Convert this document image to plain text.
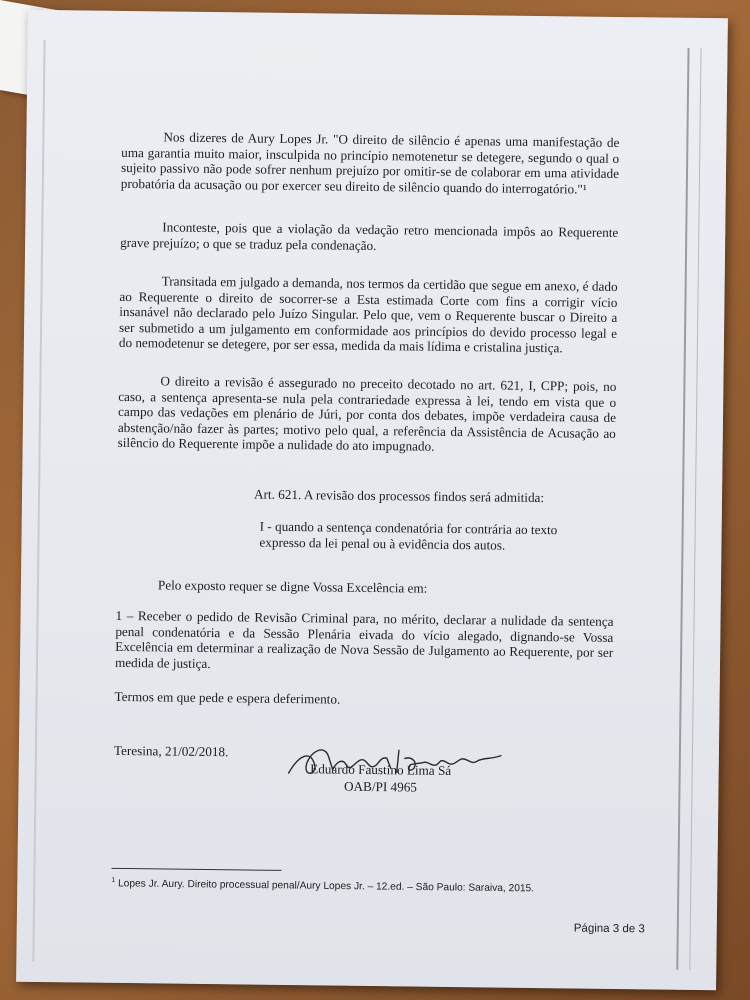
Nos dizeres de Aury Lopes Jr. "O direito de silêncio é apenas uma manifestação de uma garantia muito maior, insculpida no princípio nemotenetur se detegere, segundo o qual o sujeito passivo não pode sofrer nenhum prejuízo por omitir-se de colaborar em uma atividade probatória da acusação ou por exercer seu direito de silêncio quando do interrogatório."¹
Inconteste, pois que a violação da vedação retro mencionada impôs ao Requerente grave prejuízo; o que se traduz pela condenação.
Transitada em julgado a demanda, nos termos da certidão que segue em anexo, é dado ao Requerente o direito de socorrer-se a Esta estimada Corte com fins a corrigir vício insanável não declarado pelo Juízo Singular. Pelo que, vem o Requerente buscar o Direito a ser submetido a um julgamento em conformidade aos princípios do devido processo legal e do nemodetenur se detegere, por ser essa, medida da mais lídima e cristalina justiça.
O direito a revisão é assegurado no preceito decotado no art. 621, I, CPP; pois, no caso, a sentença apresenta-se nula pela contrariedade expressa à lei, tendo em vista que o campo das vedações em plenário de Júri, por conta dos debates, impõe verdadeira causa de abstenção/não fazer às partes; motivo pelo qual, a referência da Assistência de Acusação ao silêncio do Requerente impõe a nulidade do ato impugnado.
Art. 621. A revisão dos processos findos será admitida:
I - quando a sentença condenatória for contrária ao texto expresso da lei penal ou à evidência dos autos.
Pelo exposto requer se digne Vossa Excelência em:
1 – Receber o pedido de Revisão Criminal para, no mérito, declarar a nulidade da sentença penal condenatória e da Sessão Plenária eivada do vício alegado, dignando-se Vossa Excelência em determinar a realização de Nova Sessão de Julgamento ao Requerente, por ser medida de justiça.
Termos em que pede e espera deferimento.
Teresina, 21/02/2018.
Eduardo Faustino Lima Sá
OAB/PI 4965
$^1$ Lopes Jr. Aury. Direito processual penal/Aury Lopes Jr. – 12.ed. – São Paulo: Saraiva, 2015.
Página 3 de 3
